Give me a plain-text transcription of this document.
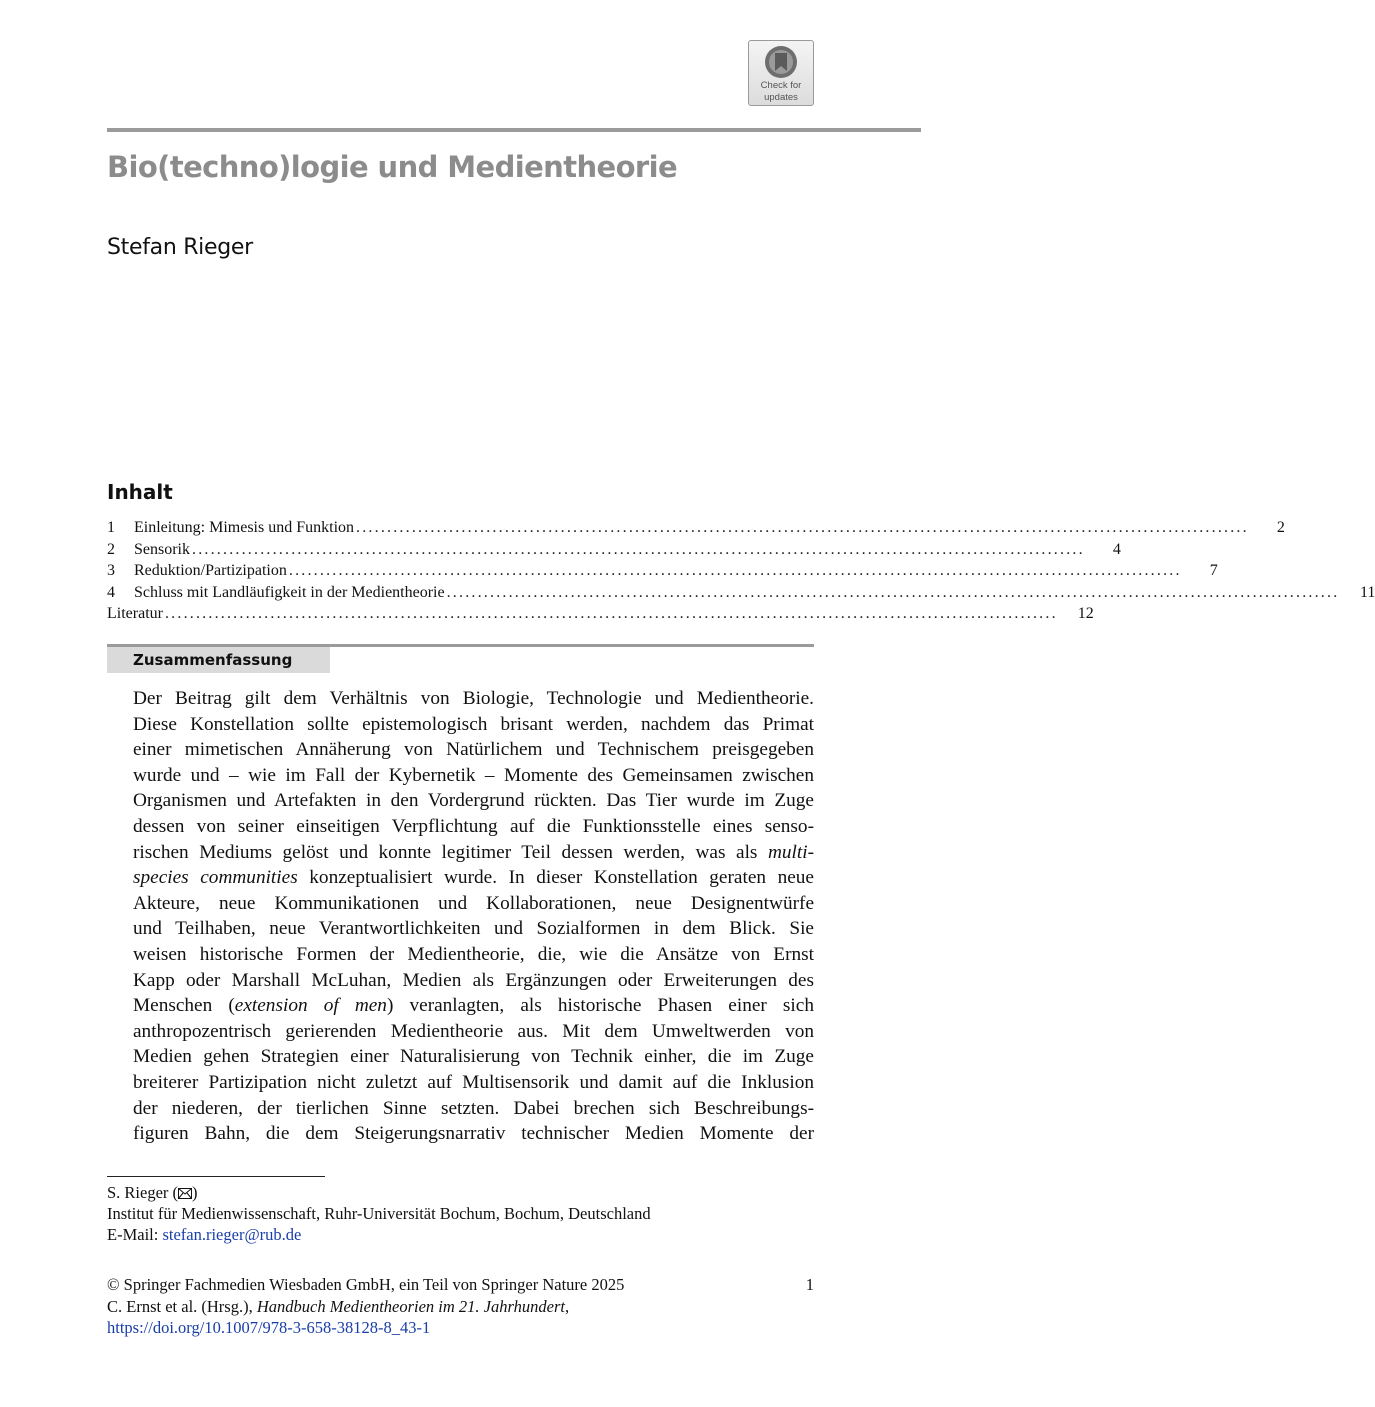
Check for
updates
Bio(techno)logie und Medientheorie
Stefan Rieger
Inhalt
1	Einleitung: Mimesis und Funktion ................................................................................................................................................	2
2	Sensorik ................................................................................................................................................	4
3	Reduktion/Partizipation ................................................................................................................................................	7
4	Schluss mit Landläufigkeit in der Medientheorie ................................................................................................................................................	11
Literatur ................................................................................................................................................	12
Zusammenfassung
Der Beitrag gilt dem Verhältnis von Biologie, Technologie und Medientheorie.
Diese Konstellation sollte epistemologisch brisant werden, nachdem das Primat
einer mimetischen Annäherung von Natürlichem und Technischem preisgegeben
wurde und – wie im Fall der Kybernetik – Momente des Gemeinsamen zwischen
Organismen und Artefakten in den Vordergrund rückten. Das Tier wurde im Zuge
dessen von seiner einseitigen Verpflichtung auf die Funktionsstelle eines senso-
rischen Mediums gelöst und konnte legitimer Teil dessen werden, was als multi-
species communities konzeptualisiert wurde. In dieser Konstellation geraten neue
Akteure, neue Kommunikationen und Kollaborationen, neue Designentwürfe
und Teilhaben, neue Verantwortlichkeiten und Sozialformen in dem Blick. Sie
weisen historische Formen der Medientheorie, die, wie die Ansätze von Ernst
Kapp oder Marshall McLuhan, Medien als Ergänzungen oder Erweiterungen des
Menschen (extension of men) veranlagten, als historische Phasen einer sich
anthropozentrisch gerierenden Medientheorie aus. Mit dem Umweltwerden von
Medien gehen Strategien einer Naturalisierung von Technik einher, die im Zuge
breiterer Partizipation nicht zuletzt auf Multisensorik und damit auf die Inklusion
der niederen, der tierlichen Sinne setzten. Dabei brechen sich Beschreibungs-
figuren Bahn, die dem Steigerungsnarrativ technischer Medien Momente der
S. Rieger ( )
Institut für Medienwissenschaft, Ruhr-Universität Bochum, Bochum, Deutschland
E-Mail: stefan.rieger@rub.de
© Springer Fachmedien Wiesbaden GmbH, ein Teil von Springer Nature 2025	1
C. Ernst et al. (Hrsg.), Handbuch Medientheorien im 21. Jahrhundert,
https://doi.org/10.1007/978-3-658-38128-8_43-1
